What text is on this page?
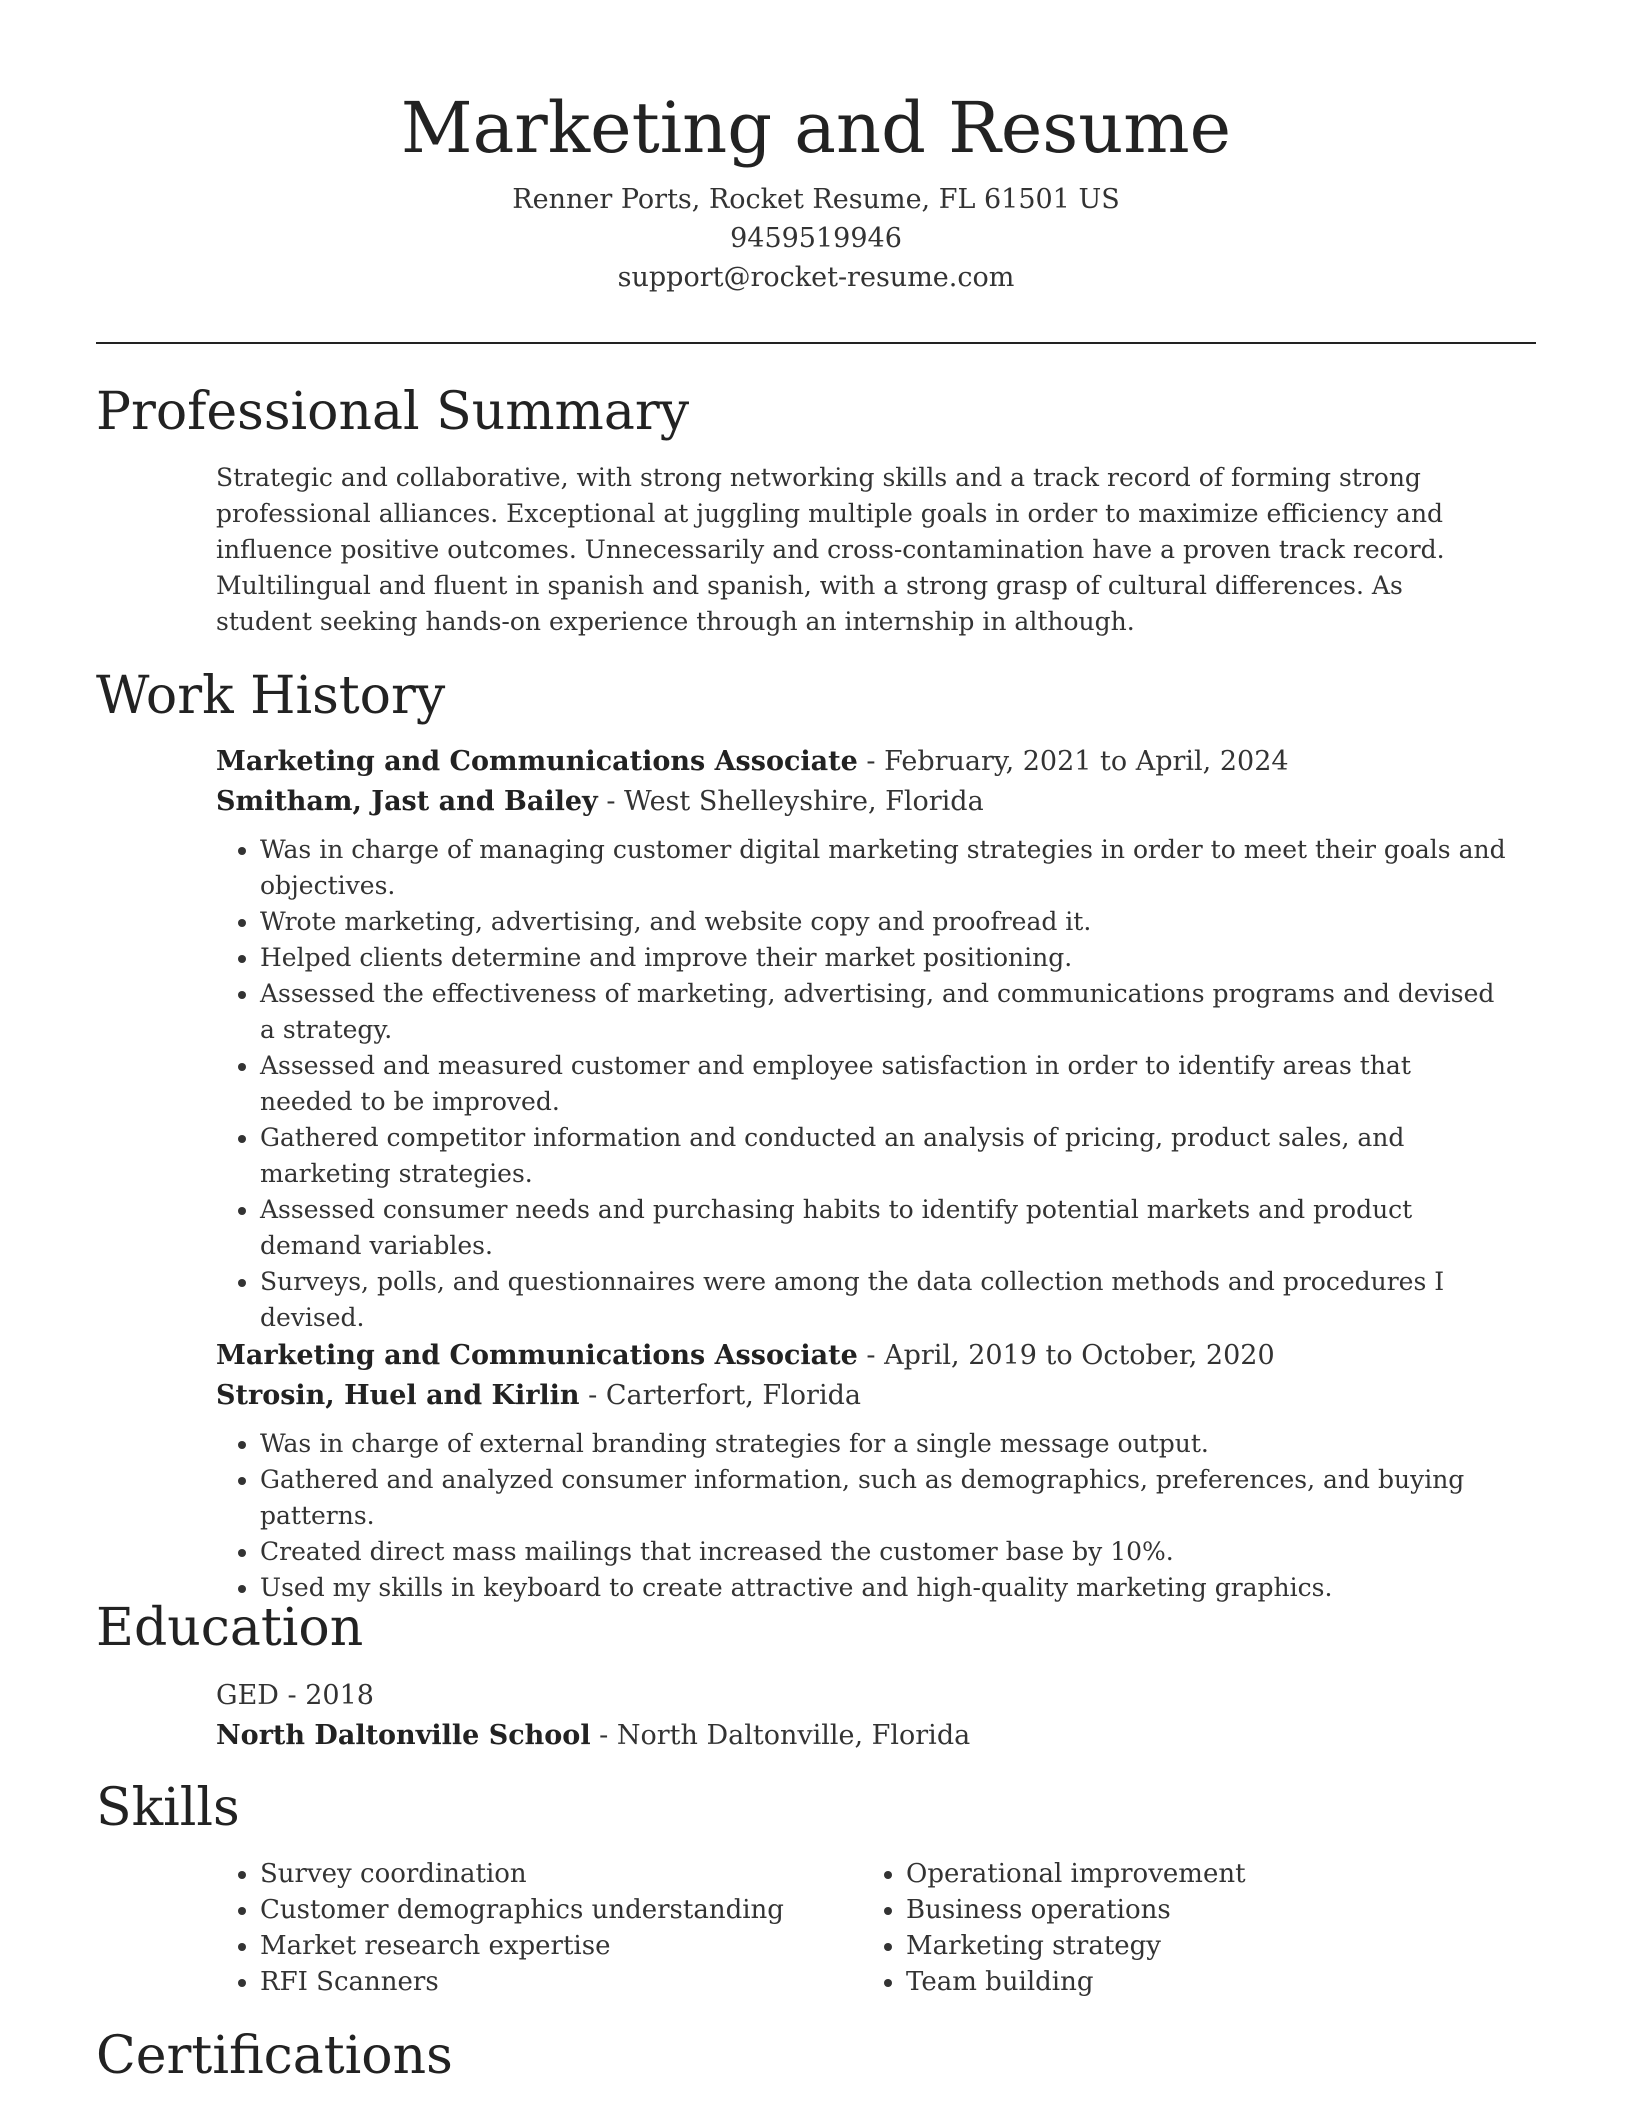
Marketing and Resume
Renner Ports, Rocket Resume, FL 61501 US
9459519946
support@rocket-resume.com
Professional Summary

Strategic and collaborative, with strong networking skills and a track record of forming strong professional alliances. Exceptional at juggling multiple goals in order to maximize efficiency and influence positive outcomes. Unnecessarily and cross-contamination have a proven track record. Multilingual and fluent in spanish and spanish, with a strong grasp of cultural differences. As student seeking hands-on experience through an internship in although.

Work History
Marketing and Communications Associate - February, 2021 to April, 2024
Smitham, Jast and Bailey - West Shelleyshire, Florida
• Was in charge of managing customer digital marketing strategies in order to meet their goals and objectives.
• Wrote marketing, advertising, and website copy and proofread it.
• Helped clients determine and improve their market positioning.
• Assessed the effectiveness of marketing, advertising, and communications programs and devised a strategy.
• Assessed and measured customer and employee satisfaction in order to identify areas that needed to be improved.
• Gathered competitor information and conducted an analysis of pricing, product sales, and marketing strategies.
• Assessed consumer needs and purchasing habits to identify potential markets and product demand variables.
• Surveys, polls, and questionnaires were among the data collection methods and procedures I devised.
Marketing and Communications Associate - April, 2019 to October, 2020
Strosin, Huel and Kirlin - Carterfort, Florida
• Was in charge of external branding strategies for a single message output.
• Gathered and analyzed consumer information, such as demographics, preferences, and buying patterns.
• Created direct mass mailings that increased the customer base by 10%.
• Used my skills in keyboard to create attractive and high-quality marketing graphics.
Education
GED - 2018
North Daltonville School - North Daltonville, Florida
Skills
• Survey coordination
• Customer demographics understanding
• Market research expertise
• RFI Scanners
• Operational improvement
• Business operations
• Marketing strategy
• Team building
Certifications
